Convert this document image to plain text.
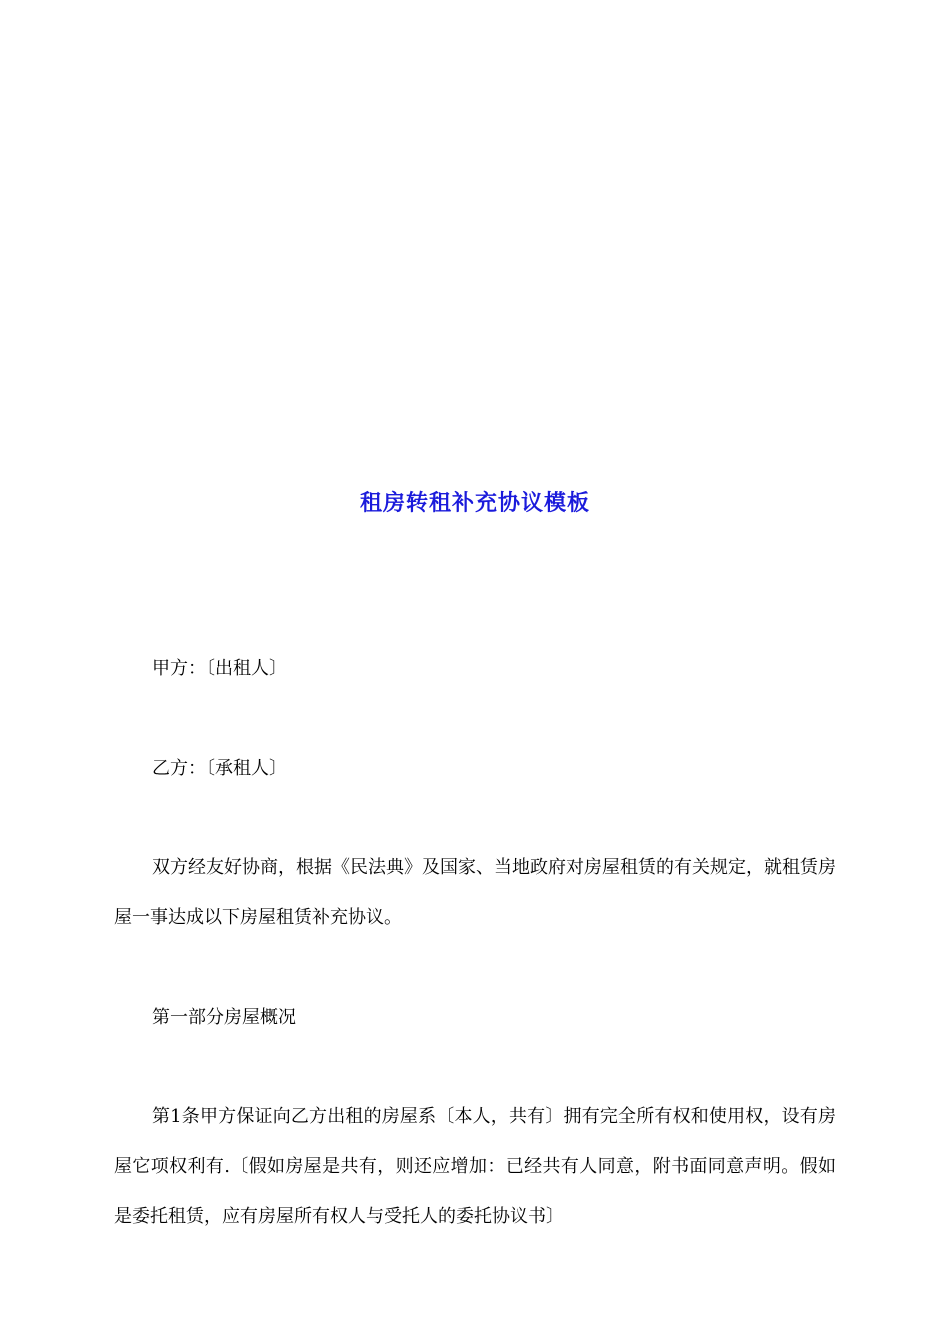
租房转租补充协议模板
甲方：〔出租人〕
乙方：〔承租人〕
双方经友好协商，根据《民法典》及国家、当地政府对房屋租赁的有关规定，就租赁房屋一事达成以下房屋租赁补充协议。
第一部分房屋概况
第1条甲方保证向乙方出租的房屋系〔本人，共有〕拥有完全所有权和使用权，设有房屋它项权利有.〔假如房屋是共有，则还应增加：已经共有人同意，附书面同意声明。假如是委托租赁，应有房屋所有权人与受托人的委托协议书〕
